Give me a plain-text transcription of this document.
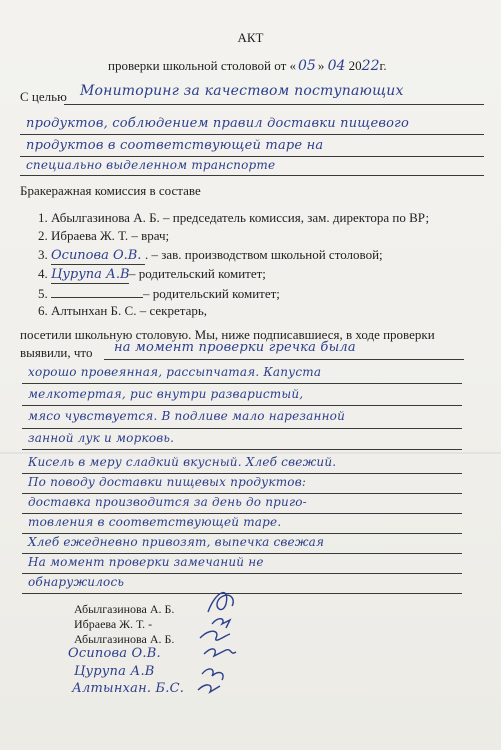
АКТ
проверки школьной столовой от « 05 » 04 2022г.
С целью Мониторинг за качеством поступающих
продуктов, соблюдением правил доставки пищевого
продуктов в соответствующей таре на
специально выделенном транспорте
Бракеражная комиссия в составе
1. Абылгазинова А. Б. – председатель комиссия, зам. директора по ВР;
2. Ибраева Ж. Т. – врач;
3. Осипова О.В. . – зав. производством школьной столовой;
4. Цурупа А.В– родительский комитет;
5.	– родительский комитет;
6. Алтынхан Б. С. – секретарь,
посетили школьную столовую. Мы, ниже подписавшиеся, в ходе проверки
выявили, что на момент проверки гречка была
хорошо провеянная, рассыпчатая. Капуста
мелкотертая, рис внутри разваристый,
мясо чувствуется. В подливе мало нарезанной
занной лук и морковь.
Кисель в меру сладкий вкусный. Хлеб свежий.
По поводу доставки пищевых продуктов:
доставка производится за день до приго-
товления в соответствующей таре.
Хлеб ежедневно привозят, выпечка свежая
На момент проверки замечаний не
обнаружилось
Абылгазинова А. Б.
Ибраева Ж. Т. -
Абылгазинова А. Б.
Осипова О.В.
Цурупа А.В
Алтынхан. Б.С.
